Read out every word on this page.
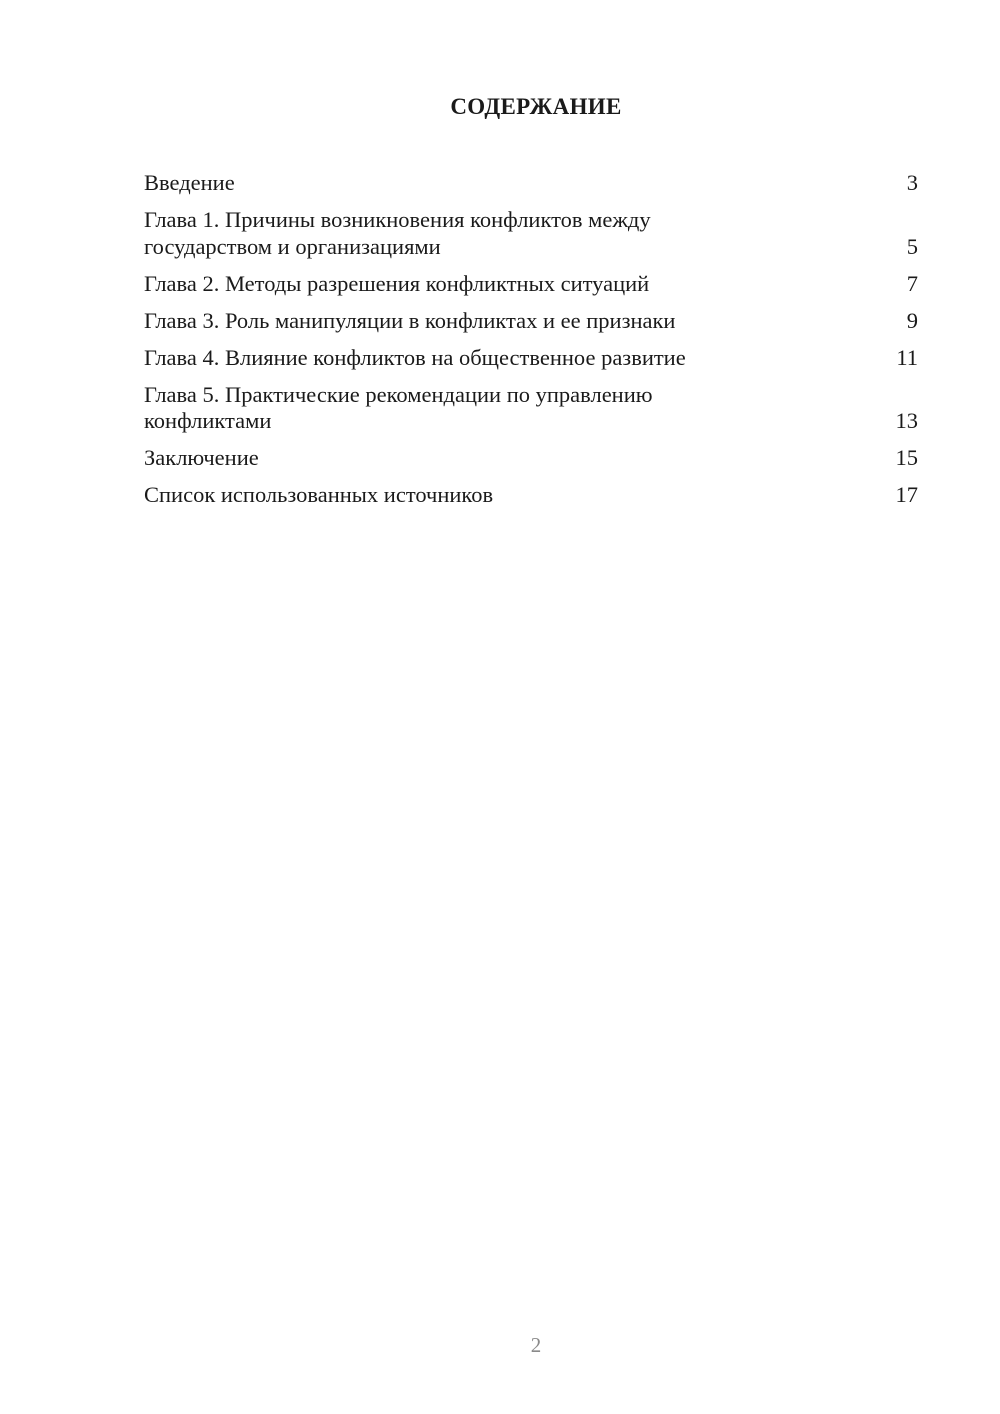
СОДЕРЖАНИЕ
Введение	3
Глава 1. Причины возникновения конфликтов между государством и организациями	5
Глава 2. Методы разрешения конфликтных ситуаций	7
Глава 3. Роль манипуляции в конфликтах и ее признаки	9
Глава 4. Влияние конфликтов на общественное развитие	11
Глава 5. Практические рекомендации по управлению конфликтами	13
Заключение	15
Список использованных источников	17
2
